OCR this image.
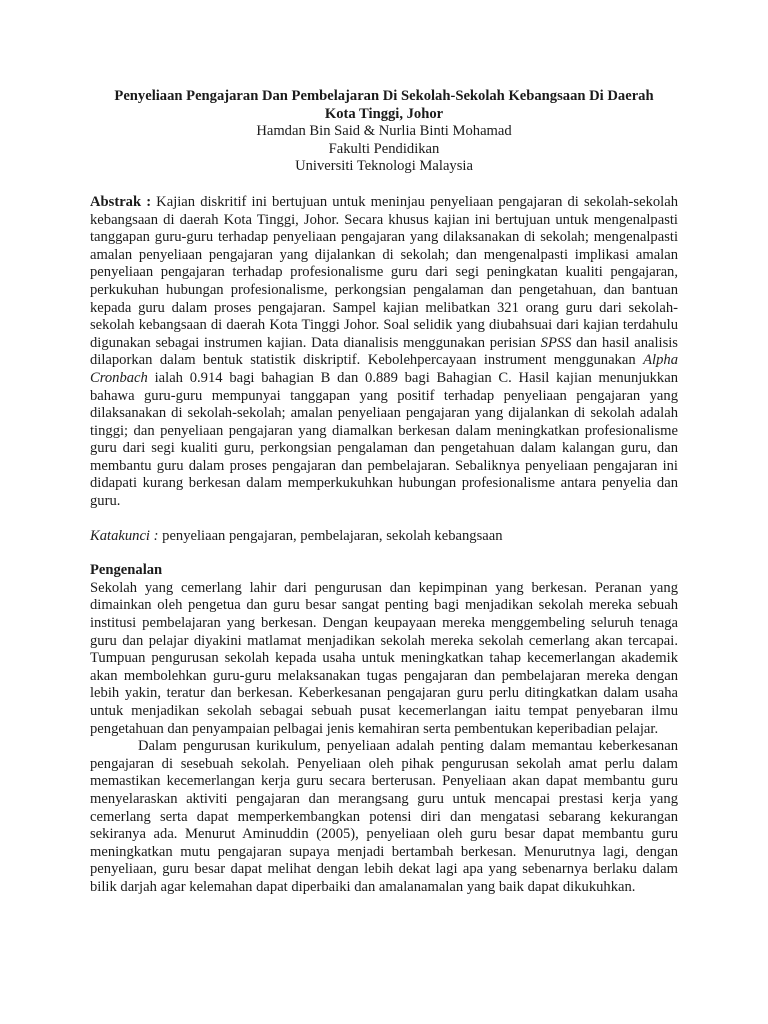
Penyeliaan Pengajaran Dan Pembelajaran Di Sekolah-Sekolah Kebangsaan Di Daerah
Kota Tinggi, Johor
Hamdan Bin Said & Nurlia Binti Mohamad
Fakulti Pendidikan
Universiti Teknologi Malaysia

Abstrak : Kajian diskritif ini bertujuan untuk meninjau penyeliaan pengajaran di sekolah-sekolah kebangsaan di daerah Kota Tinggi, Johor. Secara khusus kajian ini bertujuan untuk mengenalpasti tanggapan guru-guru terhadap penyeliaan pengajaran yang dilaksanakan di sekolah; mengenalpasti amalan penyeliaan pengajaran yang dijalankan di sekolah; dan mengenalpasti implikasi amalan penyeliaan pengajaran terhadap profesionalisme guru dari segi peningkatan kualiti pengajaran, perkukuhan hubungan profesionalisme, perkongsian pengalaman dan pengetahuan, dan bantuan kepada guru dalam proses pengajaran. Sampel kajian melibatkan 321 orang guru dari sekolah-sekolah kebangsaan di daerah Kota Tinggi Johor. Soal selidik yang diubahsuai dari kajian terdahulu digunakan sebagai instrumen kajian. Data dianalisis menggunakan perisian SPSS dan hasil analisis dilaporkan dalam bentuk statistik diskriptif. Kebolehpercayaan instrument menggunakan Alpha Cronbach ialah 0.914 bagi bahagian B dan 0.889 bagi Bahagian C. Hasil kajian menunjukkan bahawa guru-guru mempunyai tanggapan yang positif terhadap penyeliaan pengajaran yang dilaksanakan di sekolah-sekolah; amalan penyeliaan pengajaran yang dijalankan di sekolah adalah tinggi; dan penyeliaan pengajaran yang diamalkan berkesan dalam meningkatkan profesionalisme guru dari segi kualiti guru, perkongsian pengalaman dan pengetahuan dalam kalangan guru, dan membantu guru dalam proses pengajaran dan pembelajaran. Sebaliknya penyeliaan pengajaran ini didapati kurang berkesan dalam memperkukuhkan hubungan profesionalisme antara penyelia dan guru.

Katakunci : penyeliaan pengajaran, pembelajaran, sekolah kebangsaan

Pengenalan

Sekolah yang cemerlang lahir dari pengurusan dan kepimpinan yang berkesan. Peranan yang dimainkan oleh pengetua dan guru besar sangat penting bagi menjadikan sekolah mereka sebuah institusi pembelajaran yang berkesan. Dengan keupayaan mereka menggembeling seluruh tenaga guru dan pelajar diyakini matlamat menjadikan sekolah mereka sekolah cemerlang akan tercapai. Tumpuan pengurusan sekolah kepada usaha untuk meningkatkan tahap kecemerlangan akademik akan membolehkan guru-guru melaksanakan tugas pengajaran dan pembelajaran mereka dengan lebih yakin, teratur dan berkesan. Keberkesanan pengajaran guru perlu ditingkatkan dalam usaha untuk menjadikan sekolah sebagai sebuah pusat kecemerlangan iaitu tempat penyebaran ilmu pengetahuan dan penyampaian pelbagai jenis kemahiran serta pembentukan keperibadian pelajar.

Dalam pengurusan kurikulum, penyeliaan adalah penting dalam memantau keberkesanan pengajaran di sesebuah sekolah. Penyeliaan oleh pihak pengurusan sekolah amat perlu dalam memastikan kecemerlangan kerja guru secara berterusan. Penyeliaan akan dapat membantu guru menyelaraskan aktiviti pengajaran dan merangsang guru untuk mencapai prestasi kerja yang cemerlang serta dapat memperkembangkan potensi diri dan mengatasi sebarang kekurangan sekiranya ada. Menurut Aminuddin (2005), penyeliaan oleh guru besar dapat membantu guru meningkatkan mutu pengajaran supaya menjadi bertambah berkesan. Menurutnya lagi, dengan penyeliaan, guru besar dapat melihat dengan lebih dekat lagi apa yang sebenarnya berlaku dalam bilik darjah agar kelemahan dapat diperbaiki dan amalanamalan yang baik dapat dikukuhkan.
